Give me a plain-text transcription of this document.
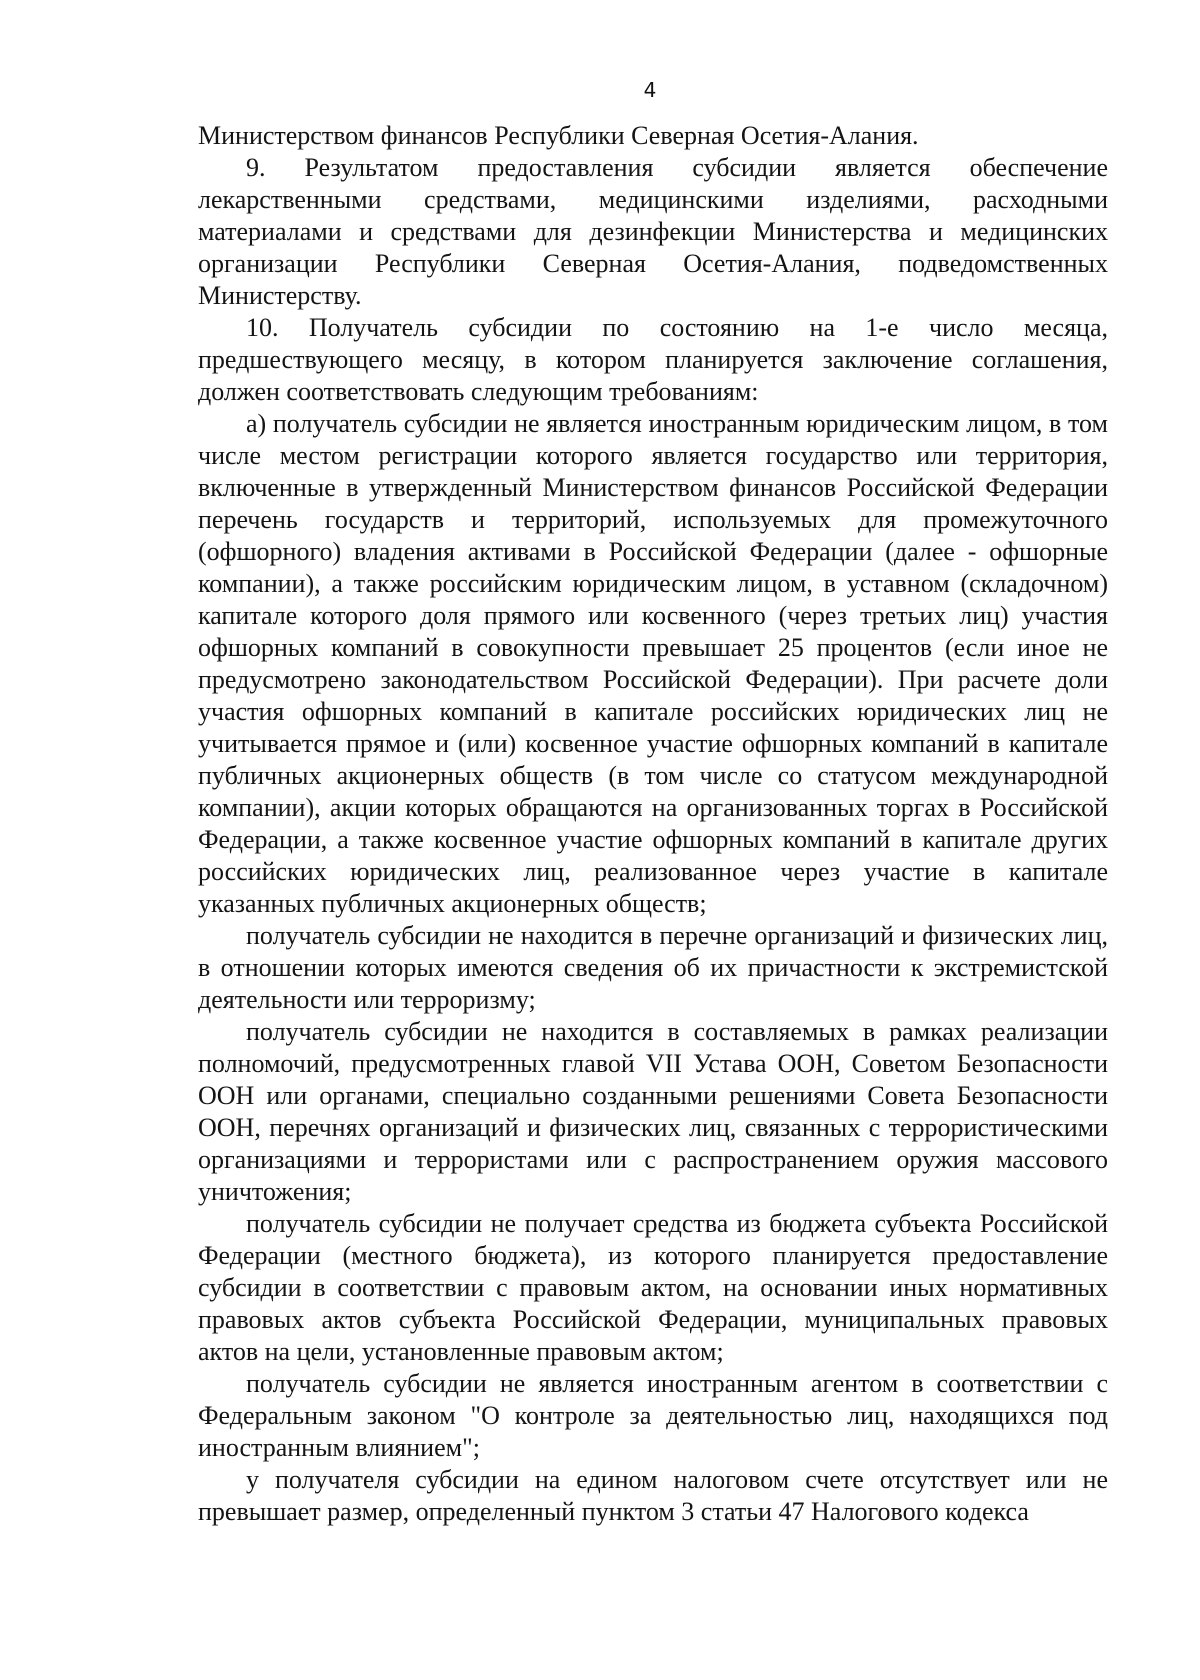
4

Министерством финансов Республики Северная Осетия-Алания.

9. Результатом предоставления субсидии является обеспечение лекарственными средствами, медицинскими изделиями, расходными материалами и средствами для дезинфекции Министерства и медицинских организации Республики Северная Осетия-Алания, подведомственных Министерству.

10. Получатель субсидии по состоянию на 1-е число месяца, предшествующего месяцу, в котором планируется заключение соглашения, должен соответствовать следующим требованиям:

а) получатель субсидии не является иностранным юридическим лицом, в том числе местом регистрации которого является государство или территория, включенные в утвержденный Министерством финансов Российской Федерации перечень государств и территорий, используемых для промежуточного (офшорного) владения активами в Российской Федерации (далее - офшорные компании), а также российским юридическим лицом, в уставном (складочном) капитале которого доля прямого или косвенного (через третьих лиц) участия офшорных компаний в совокупности превышает 25 процентов (если иное не предусмотрено законодательством Российской Федерации). При расчете доли участия офшорных компаний в капитале российских юридических лиц не учитывается прямое и (или) косвенное участие офшорных компаний в капитале публичных акционерных обществ (в том числе со статусом международной компании), акции которых обращаются на организованных торгах в Российской Федерации, а также косвенное участие офшорных компаний в капитале других российских юридических лиц, реализованное через участие в капитале указанных публичных акционерных обществ;

получатель субсидии не находится в перечне организаций и физических лиц, в отношении которых имеются сведения об их причастности к экстремистской деятельности или терроризму;

получатель субсидии не находится в составляемых в рамках реализации полномочий, предусмотренных главой VII Устава ООН, Советом Безопасности ООН или органами, специально созданными решениями Совета Безопасности ООН, перечнях организаций и физических лиц, связанных с террористическими организациями и террористами или с распространением оружия массового уничтожения;

получатель субсидии не получает средства из бюджета субъекта Российской Федерации (местного бюджета), из которого планируется предоставление субсидии в соответствии с правовым актом, на основании иных нормативных правовых актов субъекта Российской Федерации, муниципальных правовых актов на цели, установленные правовым актом;

получатель субсидии не является иностранным агентом в соответствии с Федеральным законом "О контроле за деятельностью лиц, находящихся под иностранным влиянием";

у получателя субсидии на едином налоговом счете отсутствует или не превышает размер, определенный пунктом 3 статьи 47 Налогового кодекса
